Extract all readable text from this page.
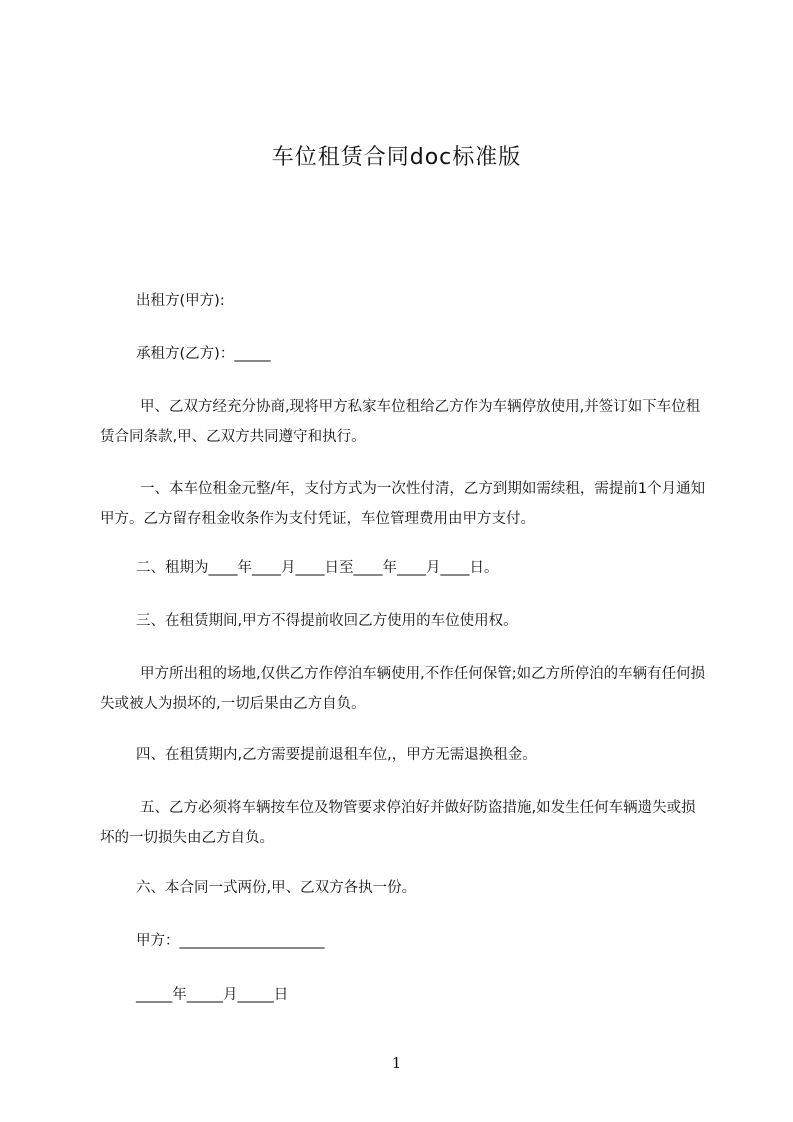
车位租赁合同doc标准版
出租方(甲方):
承租方(乙方)：_____
甲、乙双方经充分协商,现将甲方私家车位租给乙方作为车辆停放使用,并签订如下车位租赁合同条款,甲、乙双方共同遵守和执行。
一、本车位租金元整/年，支付方式为一次性付清，乙方到期如需续租，需提前1个月通知甲方。乙方留存租金收条作为支付凭证，车位管理费用由甲方支付。
二、租期为____年____月____日至____年____月____日。
三、在租赁期间,甲方不得提前收回乙方使用的车位使用权。
甲方所出租的场地,仅供乙方作停泊车辆使用,不作任何保管;如乙方所停泊的车辆有任何损失或被人为损坏的,一切后果由乙方自负。
四、在租赁期内,乙方需要提前退租车位,，甲方无需退换租金。
五、乙方必须将车辆按车位及物管要求停泊好并做好防盗措施,如发生任何车辆遗失或损坏的一切损失由乙方自负。
六、本合同一式两份,甲、乙双方各执一份。
甲方：____________________
_____年_____月_____日
1
